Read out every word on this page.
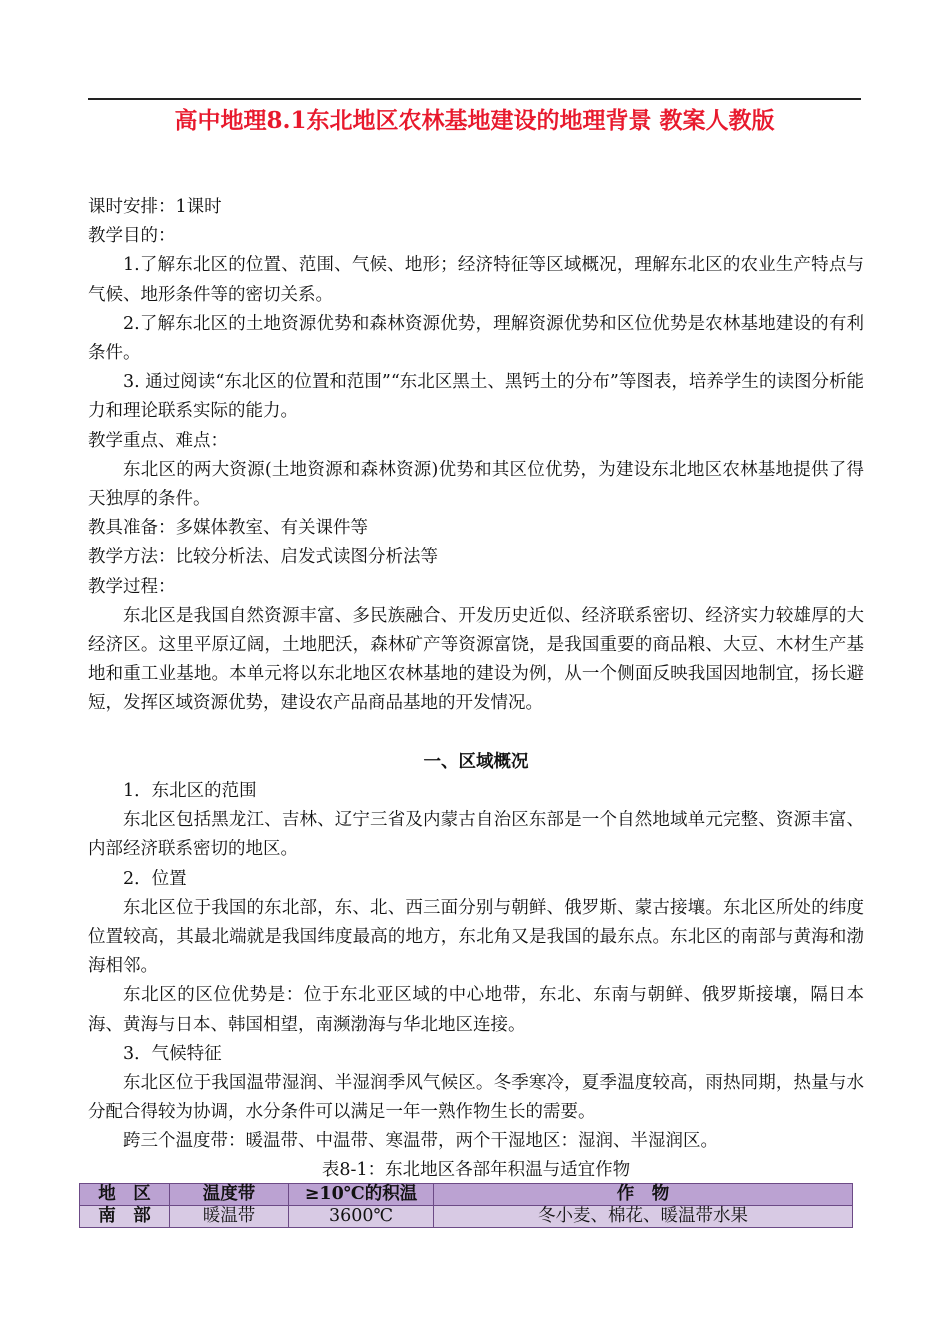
高中地理8.1东北地区农林基地建设的地理背景 教案人教版

课时安排：1课时

教学目的：

1.了解东北区的位置、范围、气候、地形；经济特征等区域概况，理解东北区的农业生产特点与气候、地形条件等的密切关系。

2.了解东北区的土地资源优势和森林资源优势，理解资源优势和区位优势是农林基地建设的有利条件。

3. 通过阅读“东北区的位置和范围”“东北区黑土、黑钙土的分布”等图表，培养学生的读图分析能力和理论联系实际的能力。

教学重点、难点：

东北区的两大资源(土地资源和森林资源)优势和其区位优势，为建设东北地区农林基地提供了得天独厚的条件。

教具准备：多媒体教室、有关课件等

教学方法：比较分析法、启发式读图分析法等

教学过程：

东北区是我国自然资源丰富、多民族融合、开发历史近似、经济联系密切、经济实力较雄厚的大经济区。这里平原辽阔，土地肥沃，森林矿产等资源富饶，是我国重要的商品粮、大豆、木材生产基地和重工业基地。本单元将以东北地区农林基地的建设为例，从一个侧面反映我国因地制宜，扬长避短，发挥区域资源优势，建设农产品商品基地的开发情况。

一、区域概况

1．东北区的范围

东北区包括黑龙江、吉林、辽宁三省及内蒙古自治区东部是一个自然地域单元完整、资源丰富、内部经济联系密切的地区。

2．位置

东北区位于我国的东北部，东、北、西三面分别与朝鲜、俄罗斯、蒙古接壤。东北区所处的纬度位置较高，其最北端就是我国纬度最高的地方，东北角又是我国的最东点。东北区的南部与黄海和渤海相邻。

东北区的区位优势是：位于东北亚区域的中心地带，东北、东南与朝鲜、俄罗斯接壤，隔日本海、黄海与日本、韩国相望，南濒渤海与华北地区连接。

3．气候特征

东北区位于我国温带湿润、半湿润季风气候区。冬季寒冷，夏季温度较高，雨热同期，热量与水分配合得较为协调，水分条件可以满足一年一熟作物生长的需要。

跨三个温度带：暖温带、中温带、寒温带，两个干湿地区：湿润、半湿润区。

表8-1：东北地区各部年积温与适宜作物

地　区	温度带	≥10℃的积温	作　物
南　部	暖温带	3600℃	冬小麦、棉花、暖温带水果
